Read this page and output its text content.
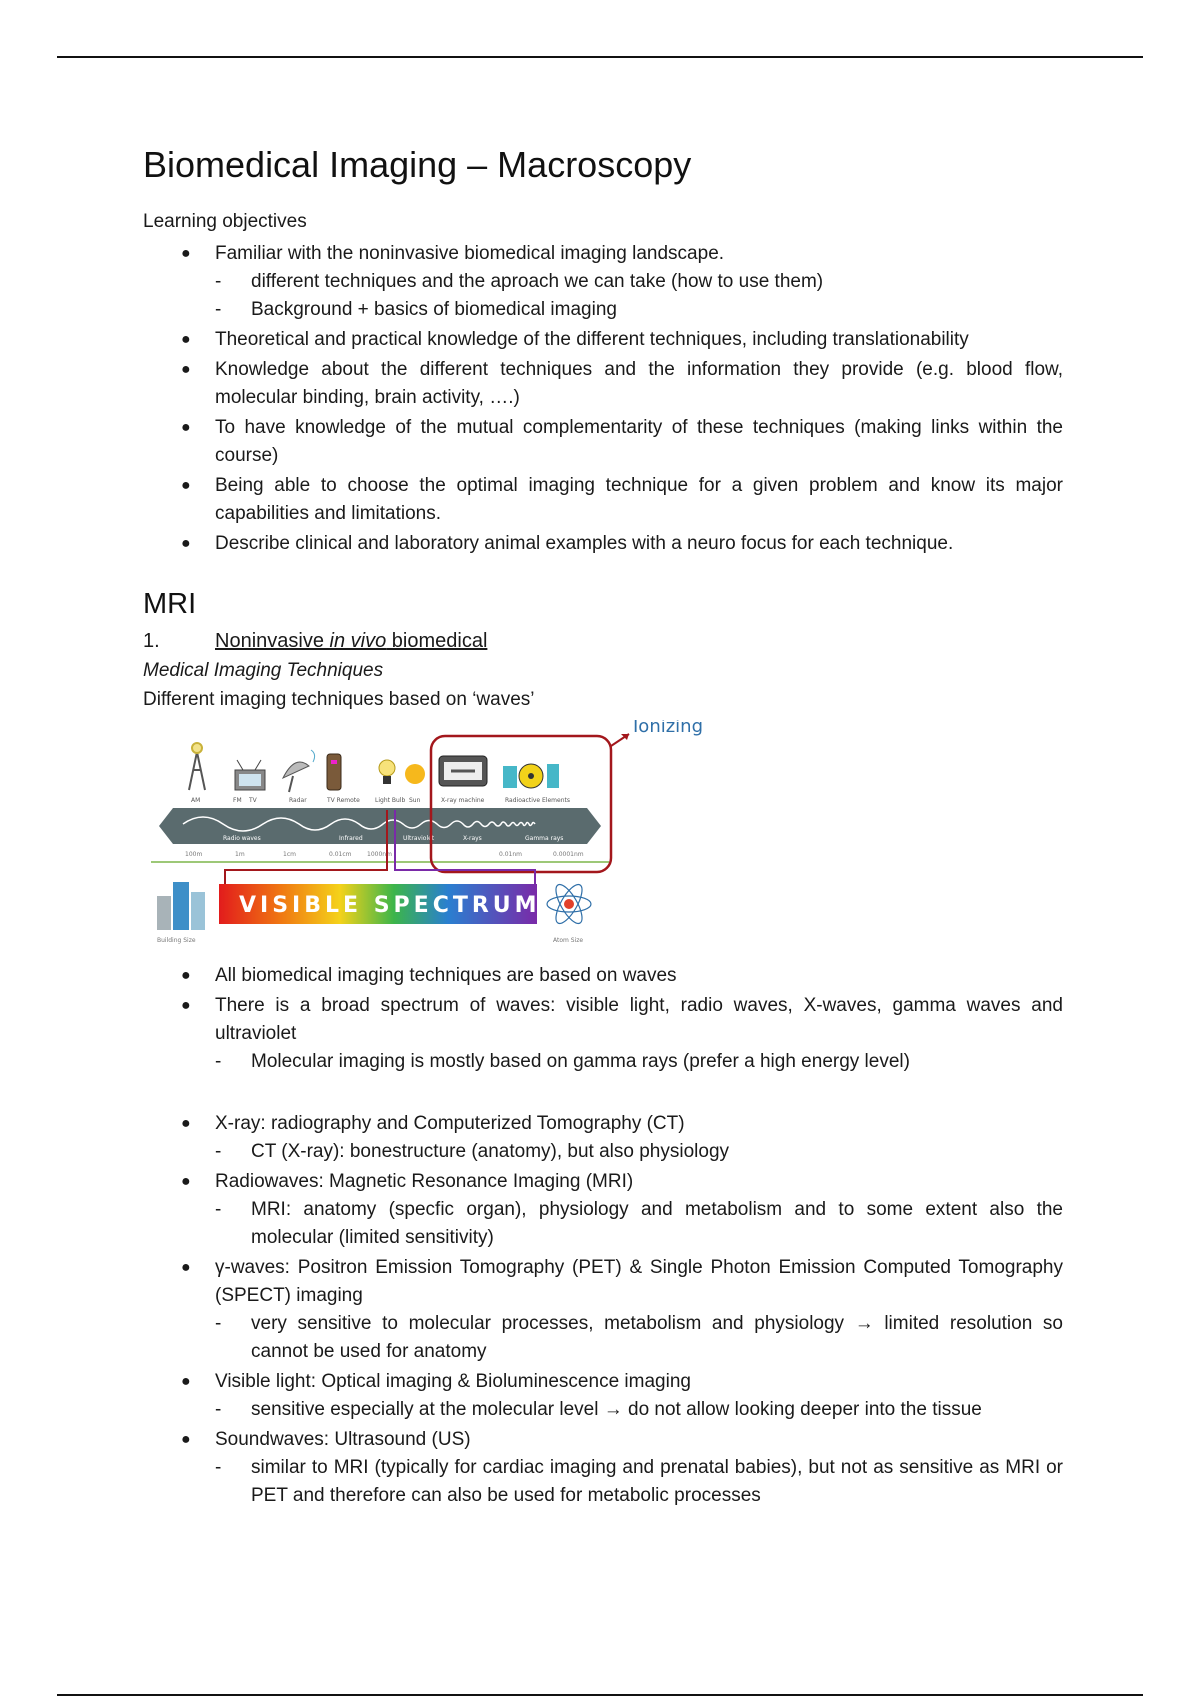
Biomedical Imaging – Macroscopy

Learning objectives

● Familiar with the noninvasive biomedical imaging landscape.
- different techniques and the aproach we can take (how to use them)
- Background + basics of biomedical imaging
● Theoretical and practical knowledge of the different techniques, including translationability
● Knowledge about the different techniques and the information they provide (e.g. blood flow, molecular binding, brain activity, ….)
● To have knowledge of the mutual complementarity of these techniques (making links within the course)
● Being able to choose the optimal imaging technique for a given problem and know its major capabilities and limitations.
● Describe clinical and laboratory animal examples with a neuro focus for each technique.
MRI
1.	Noninvasive in vivo biomedical
Medical Imaging Techniques

Different imaging techniques based on ‘waves’

AM	FM TV	Radar	TV Remote	Light Bulb Sun	X-ray machine	Radioactive Elements
Radio waves	Infrared	Ultraviolet	X-rays	Gamma rays
100m	1m	1cm	0.01cm	1000nm	0.01nm	0.0001nm
Ionizing
Building Size	Atom Size
VISIBLE SPECTRUM
● All biomedical imaging techniques are based on waves
● There is a broad spectrum of waves: visible light, radio waves, X-waves, gamma waves and ultraviolet
- Molecular imaging is mostly based on gamma rays (prefer a high energy level)
● X-ray: radiography and Computerized Tomography (CT)
- CT (X-ray): bonestructure (anatomy), but also physiology
● Radiowaves: Magnetic Resonance Imaging (MRI)
- MRI: anatomy (specfic organ), physiology and metabolism and to some extent also the molecular (limited sensitivity)
● γ-waves: Positron Emission Tomography (PET) & Single Photon Emission Computed Tomography (SPECT) imaging
- very sensitive to molecular processes, metabolism and physiology → limited resolution so cannot be used for anatomy
● Visible light: Optical imaging & Bioluminescence imaging
- sensitive especially at the molecular level → do not allow looking deeper into the tissue
● Soundwaves: Ultrasound (US)
- similar to MRI (typically for cardiac imaging and prenatal babies), but not as sensitive as MRI or PET and therefore can also be used for metabolic processes
